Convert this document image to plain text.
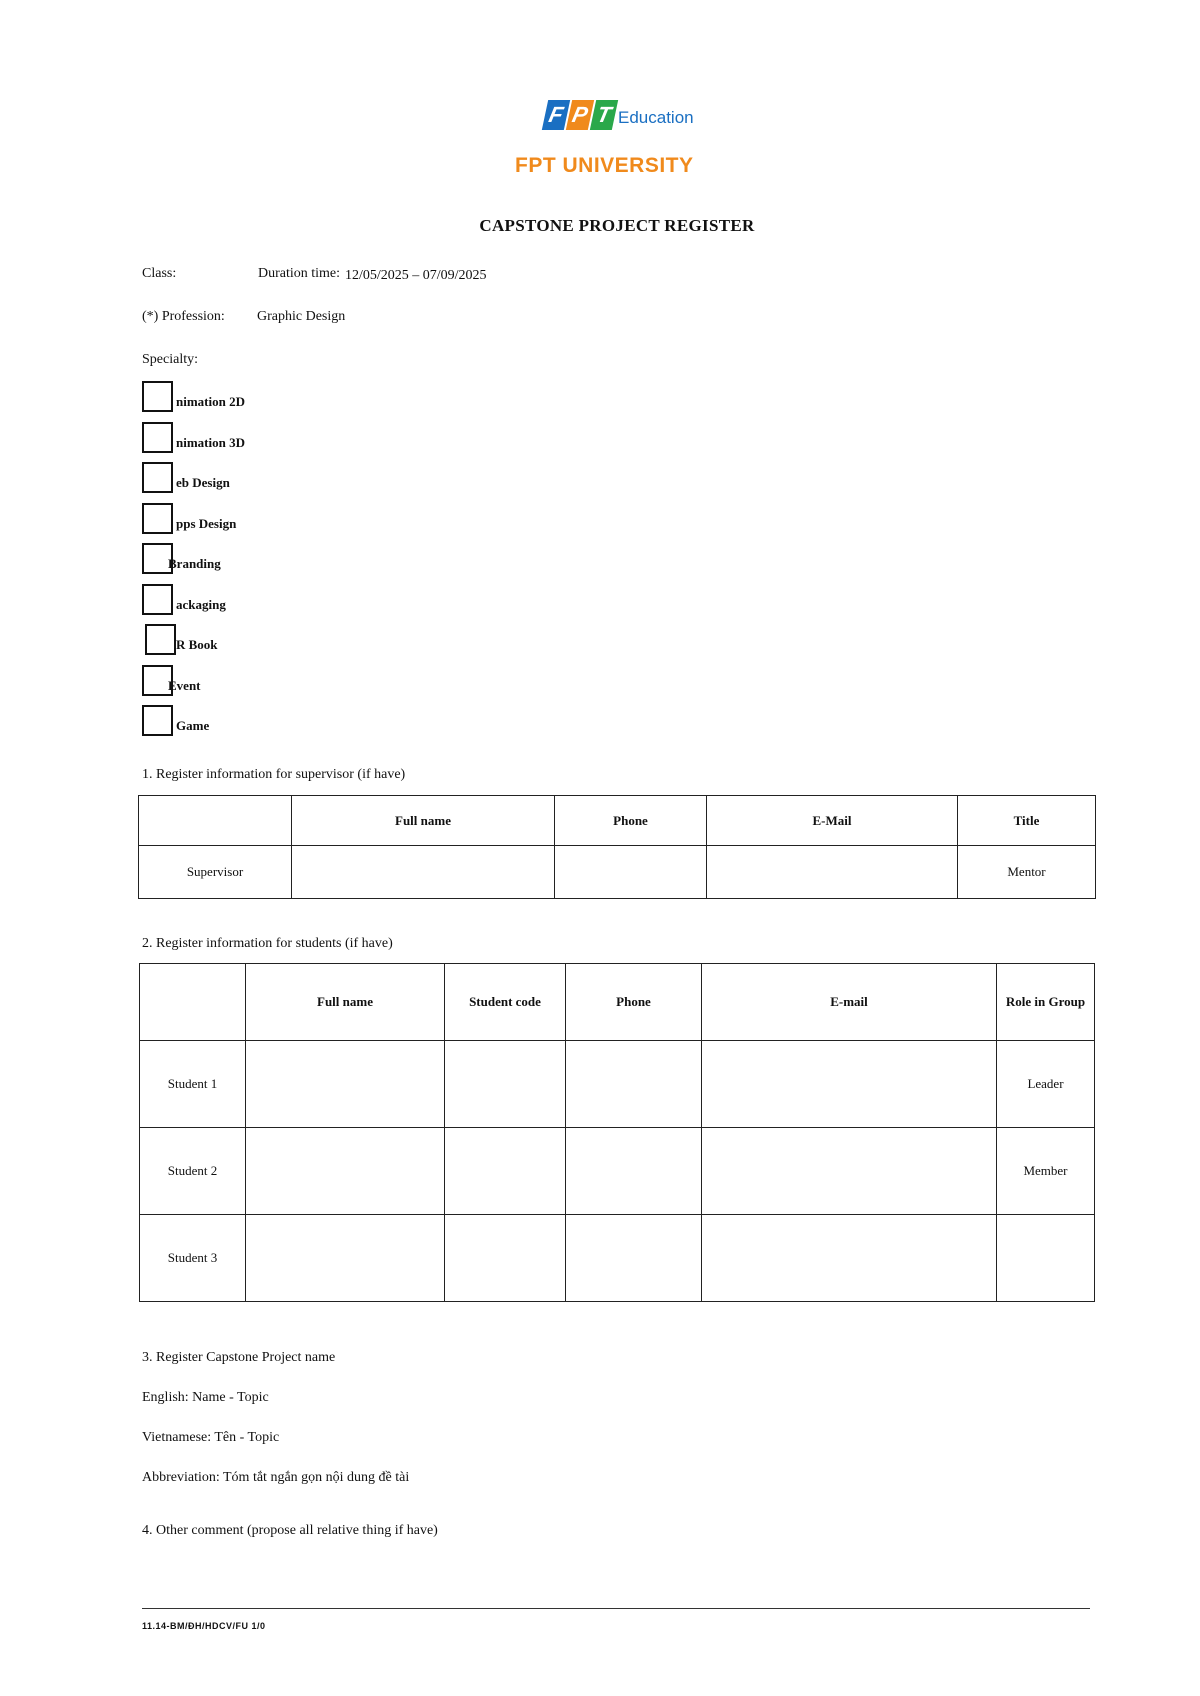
F P T Education
FPT UNIVERSITY
CAPSTONE PROJECT REGISTER
Class:	Duration time: 12/05/2025 – 07/09/2025
(*) Profession: Graphic Design
Specialty:
nimation 2D
nimation 3D
eb Design
pps Design
Branding
ackaging
R Book
Event
Game
1. Register information for supervisor (if have)
	Full name	Phone	E-Mail	Title
Supervisor				Mentor
2. Register information for students (if have)
	Full name	Student code	Phone	E-mail	Role in Group
Student 1					Leader
Student 2					Member
Student 3					
3. Register Capstone Project name
English: Name - Topic
Vietnamese: Tên - Topic
Abbreviation: Tóm tắt ngắn gọn nội dung đề tài
4. Other comment (propose all relative thing if have)
11.14-BM/ĐH/HDCV/FU 1/0
